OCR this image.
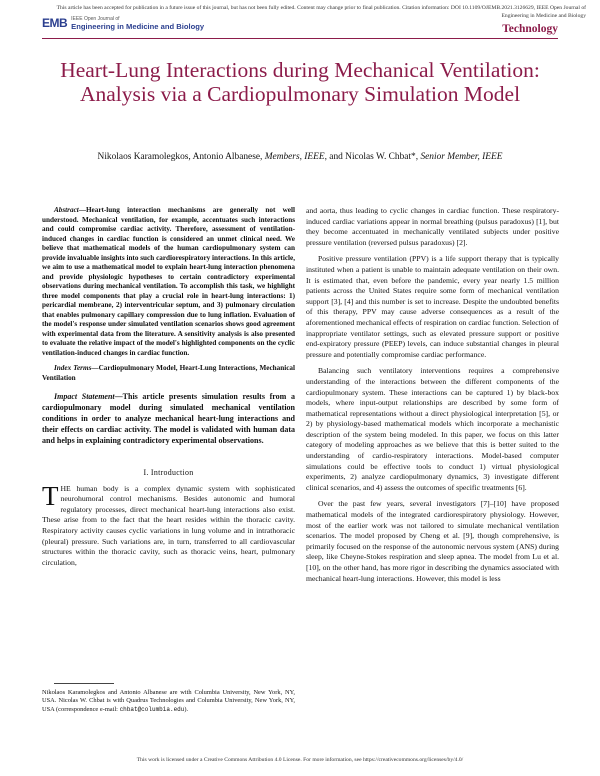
This article has been accepted for publication in a future issue of this journal, but has not been fully edited. Content may change prior to final publication. Citation information: DOI 10.1109/OJEMB.2021.3126629, IEEE Open Journal of Engineering in Medicine and Biology
EMB IEEE Open Journal of
Engineering in Medicine and Biology	Technology
Heart-Lung Interactions during Mechanical Ventilation: Analysis via a Cardiopulmonary Simulation Model
Nikolaos Karamolegkos, Antonio Albanese, Members, IEEE, and Nicolas W. Chbat*, Senior Member, IEEE

Abstract—Heart-lung interaction mechanisms are generally not well understood. Mechanical ventilation, for example, accentuates such interactions and could compromise cardiac activity. Therefore, assessment of ventilation-induced changes in cardiac function is considered an unmet clinical need. We believe that mathematical models of the human cardiopulmonary system can provide invaluable insights into such cardiorespiratory interactions. In this article, we aim to use a mathematical model to explain heart-lung interaction phenomena and provide physiologic hypotheses to certain contradictory experimental observations during mechanical ventilation. To accomplish this task, we highlight three model components that play a crucial role in heart-lung interactions: 1) pericardial membrane, 2) interventricular septum, and 3) pulmonary circulation that enables pulmonary capillary compression due to lung inflation. Evaluation of the model's response under simulated ventilation scenarios shows good agreement with experimental data from the literature. A sensitivity analysis is also presented to evaluate the relative impact of the model's highlighted components on the cyclic ventilation-induced changes in cardiac function.

Index Terms—Cardiopulmonary Model, Heart-Lung Interactions, Mechanical Ventilation

Impact Statement—This article presents simulation results from a cardiopulmonary model during simulated mechanical ventilation conditions in order to analyze mechanical heart-lung interactions and their effects on cardiac activity. The model is validated with human data and helps in explaining contradictory experimental observations.

I. Introduction

THE human body is a complex dynamic system with sophisticated neurohumoral control mechanisms. Besides autonomic and humoral regulatory processes, direct mechanical heart-lung interactions also exist. These arise from to the fact that the heart resides within the thoracic cavity. Respiratory activity causes cyclic variations in lung volume and in intrathoracic (pleural) pressure. Such variations are, in turn, transferred to all cardiovascular structures within the thoracic cavity, such as thoracic veins, heart, pulmonary circulation,

Nikolaos Karamolegkos and Antonio Albanese are with Columbia University, New York, NY, USA. Nicolas W. Chbat is with Quadrus Technologies and Columbia University, New York, NY, USA (correspondence e-mail: chbat@columbia.edu).

and aorta, thus leading to cyclic changes in cardiac function. These respiratory-induced cardiac variations appear in normal breathing (pulsus paradoxus) [1], but they become accentuated in mechanically ventilated subjects under positive pressure ventilation (reversed pulsus paradoxus) [2].

Positive pressure ventilation (PPV) is a life support therapy that is typically instituted when a patient is unable to maintain adequate ventilation on their own. It is estimated that, even before the pandemic, every year nearly 1.5 million patients across the United States require some form of mechanical ventilation support [3], [4] and this number is set to increase. Despite the undoubted benefits of this therapy, PPV may cause adverse consequences as a result of the aforementioned mechanical effects of respiration on cardiac function. Selection of inappropriate ventilator settings, such as elevated pressure support or positive end-expiratory pressure (PEEP) levels, can induce substantial changes in pleural pressure and potentially compromise cardiac performance.

Balancing such ventilatory interventions requires a comprehensive understanding of the interactions between the different components of the cardiopulmonary system. These interactions can be captured 1) by black-box models, where input-output relationships are described by some form of mathematical representations without a direct physiological interpretation [5], or 2) by physiology-based mathematical models which incorporate a mechanistic description of the system being modeled. In this paper, we focus on this latter category of modeling approaches as we believe that this is better suited to the understanding of cardio-respiratory interactions. Model-based computer simulations could be effective tools to conduct 1) virtual physiological experiments, 2) analyze cardiopulmonary dynamics, 3) investigate different clinical scenarios, and 4) assess the outcomes of specific treatments [6].

Over the past few years, several investigators [7]–[10] have proposed mathematical models of the integrated cardiorespiratory physiology. However, most of the earlier work was not tailored to simulate mechanical ventilation scenarios. The model proposed by Cheng et al. [9], though comprehensive, is primarily focused on the response of the autonomic nervous system (ANS) during sleep, like Cheyne-Stokes respiration and sleep apnea. The model from Lu et al. [10], on the other hand, has more rigor in describing the dynamics associated with mechanical heart-lung interactions. However, this model is less

This work is licensed under a Creative Commons Attribution 4.0 License. For more information, see https://creativecommons.org/licenses/by/4.0/
